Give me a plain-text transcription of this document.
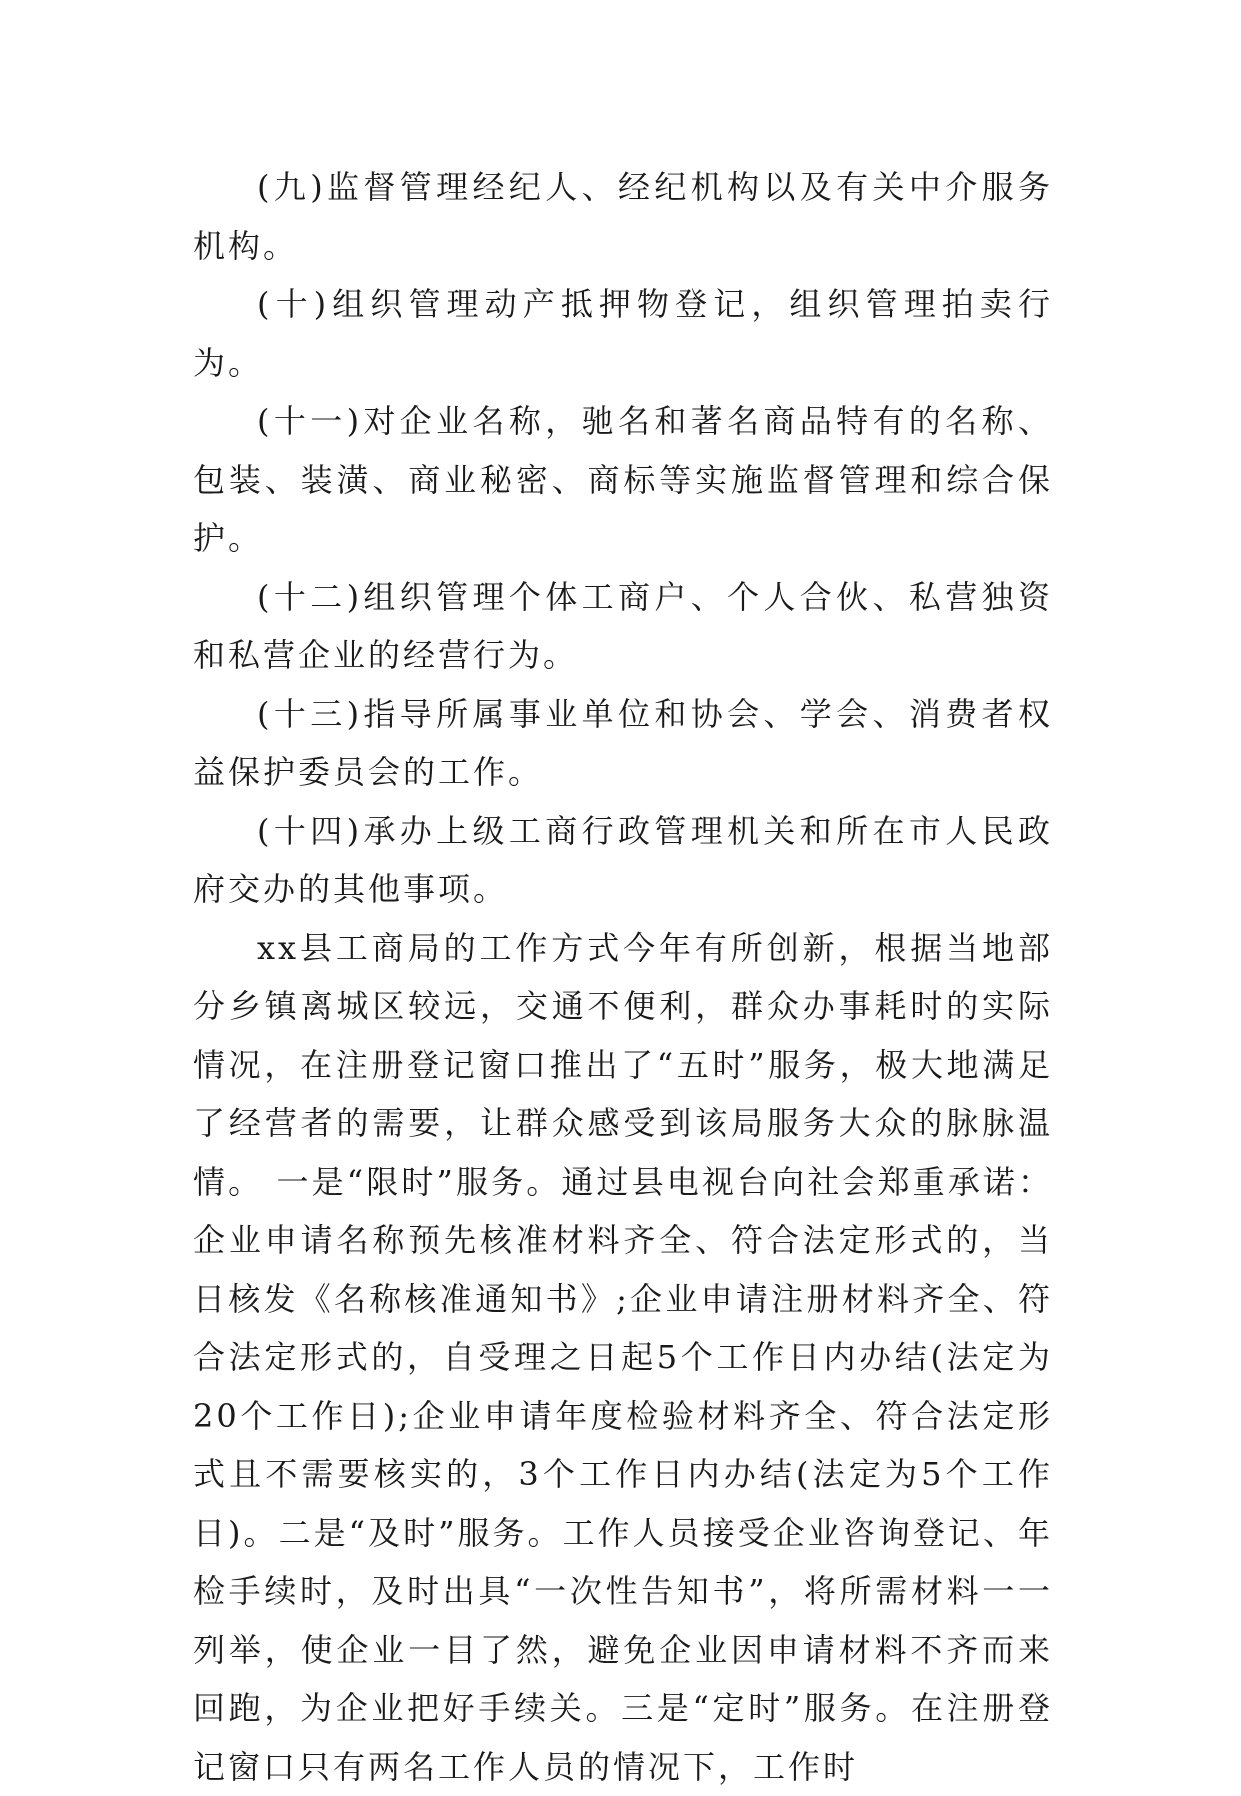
(九)监督管理经纪人、经纪机构以及有关中介服务机构。

(十)组织管理动产抵押物登记，组织管理拍卖行为。

(十一)对企业名称，驰名和著名商品特有的名称、包装、装潢、商业秘密、商标等实施监督管理和综合保护。

(十二)组织管理个体工商户、个人合伙、私营独资和私营企业的经营行为。

(十三)指导所属事业单位和协会、学会、消费者权益保护委员会的工作。

(十四)承办上级工商行政管理机关和所在市人民政府交办的其他事项。

xx县工商局的工作方式今年有所创新，根据当地部分乡镇离城区较远，交通不便利，群众办事耗时的实际情况，在注册登记窗口推出了“五时”服务，极大地满足了经营者的需要，让群众感受到该局服务大众的脉脉温情。 一是“限时”服务。通过县电视台向社会郑重承诺：企业申请名称预先核准材料齐全、符合法定形式的，当日核发《名称核准通知书》;企业申请注册材料齐全、符合法定形式的，自受理之日起5个工作日内办结(法定为20个工作日);企业申请年度检验材料齐全、符合法定形式且不需要核实的，3个工作日内办结(法定为5个工作日)。二是“及时”服务。工作人员接受企业咨询登记、年检手续时，及时出具“一次性告知书”，将所需材料一一列举，使企业一目了然，避免企业因申请材料不齐而来回跑，为企业把好手续关。三是“定时”服务。在注册登记窗口只有两名工作人员的情况下，工作时
